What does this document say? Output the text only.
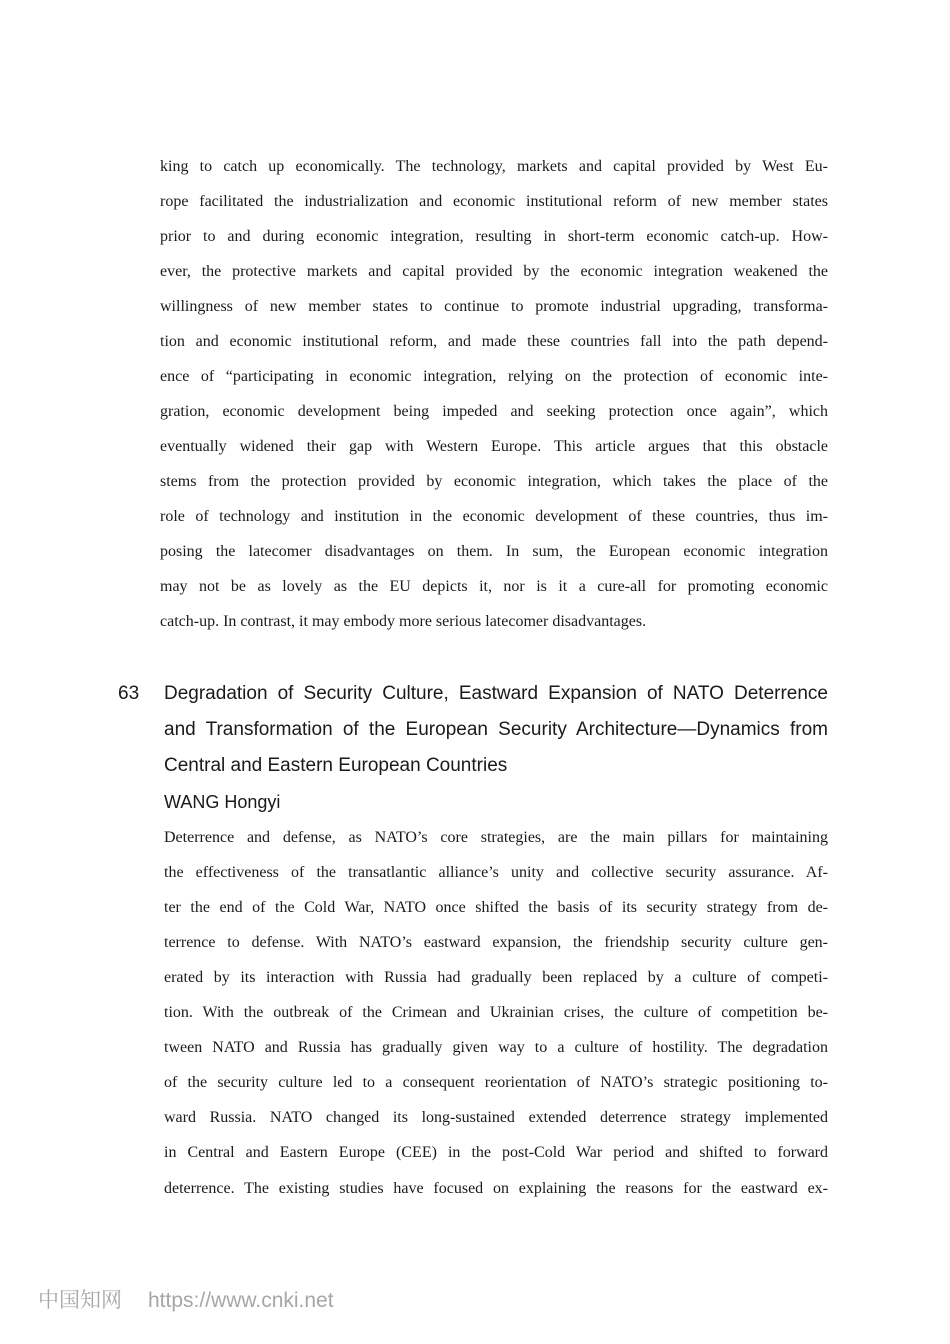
king to catch up economically. The technology, markets and capital provided by West Eu-
rope facilitated the industrialization and economic institutional reform of new member states
prior to and during economic integration, resulting in short-term economic catch-up. How-
ever, the protective markets and capital provided by the economic integration weakened the
willingness of new member states to continue to promote industrial upgrading, transforma-
tion and economic institutional reform, and made these countries fall into the path depend-
ence of “participating in economic integration, relying on the protection of economic inte-
gration, economic development being impeded and seeking protection once again”, which
eventually widened their gap with Western Europe. This article argues that this obstacle
stems from the protection provided by economic integration, which takes the place of the
role of technology and institution in the economic development of these countries, thus im-
posing the latecomer disadvantages on them. In sum, the European economic integration
may not be as lovely as the EU depicts it, nor is it a cure-all for promoting economic
catch-up. In contrast, it may embody more serious latecomer disadvantages.
63 Degradation of Security Culture, Eastward Expansion of NATO Deterrence
and Transformation of the European Security Architecture—Dynamics from
Central and Eastern European Countries
WANG Hongyi
Deterrence and defense, as NATO’s core strategies, are the main pillars for maintaining
the effectiveness of the transatlantic alliance’s unity and collective security assurance. Af-
ter the end of the Cold War, NATO once shifted the basis of its security strategy from de-
terrence to defense. With NATO’s eastward expansion, the friendship security culture gen-
erated by its interaction with Russia had gradually been replaced by a culture of competi-
tion. With the outbreak of the Crimean and Ukrainian crises, the culture of competition be-
tween NATO and Russia has gradually given way to a culture of hostility. The degradation
of the security culture led to a consequent reorientation of NATO’s strategic positioning to-
ward Russia. NATO changed its long-sustained extended deterrence strategy implemented
in Central and Eastern Europe (CEE) in the post-Cold War period and shifted to forward
deterrence. The existing studies have focused on explaining the reasons for the eastward ex-
中国知网 https://www.cnki.net
